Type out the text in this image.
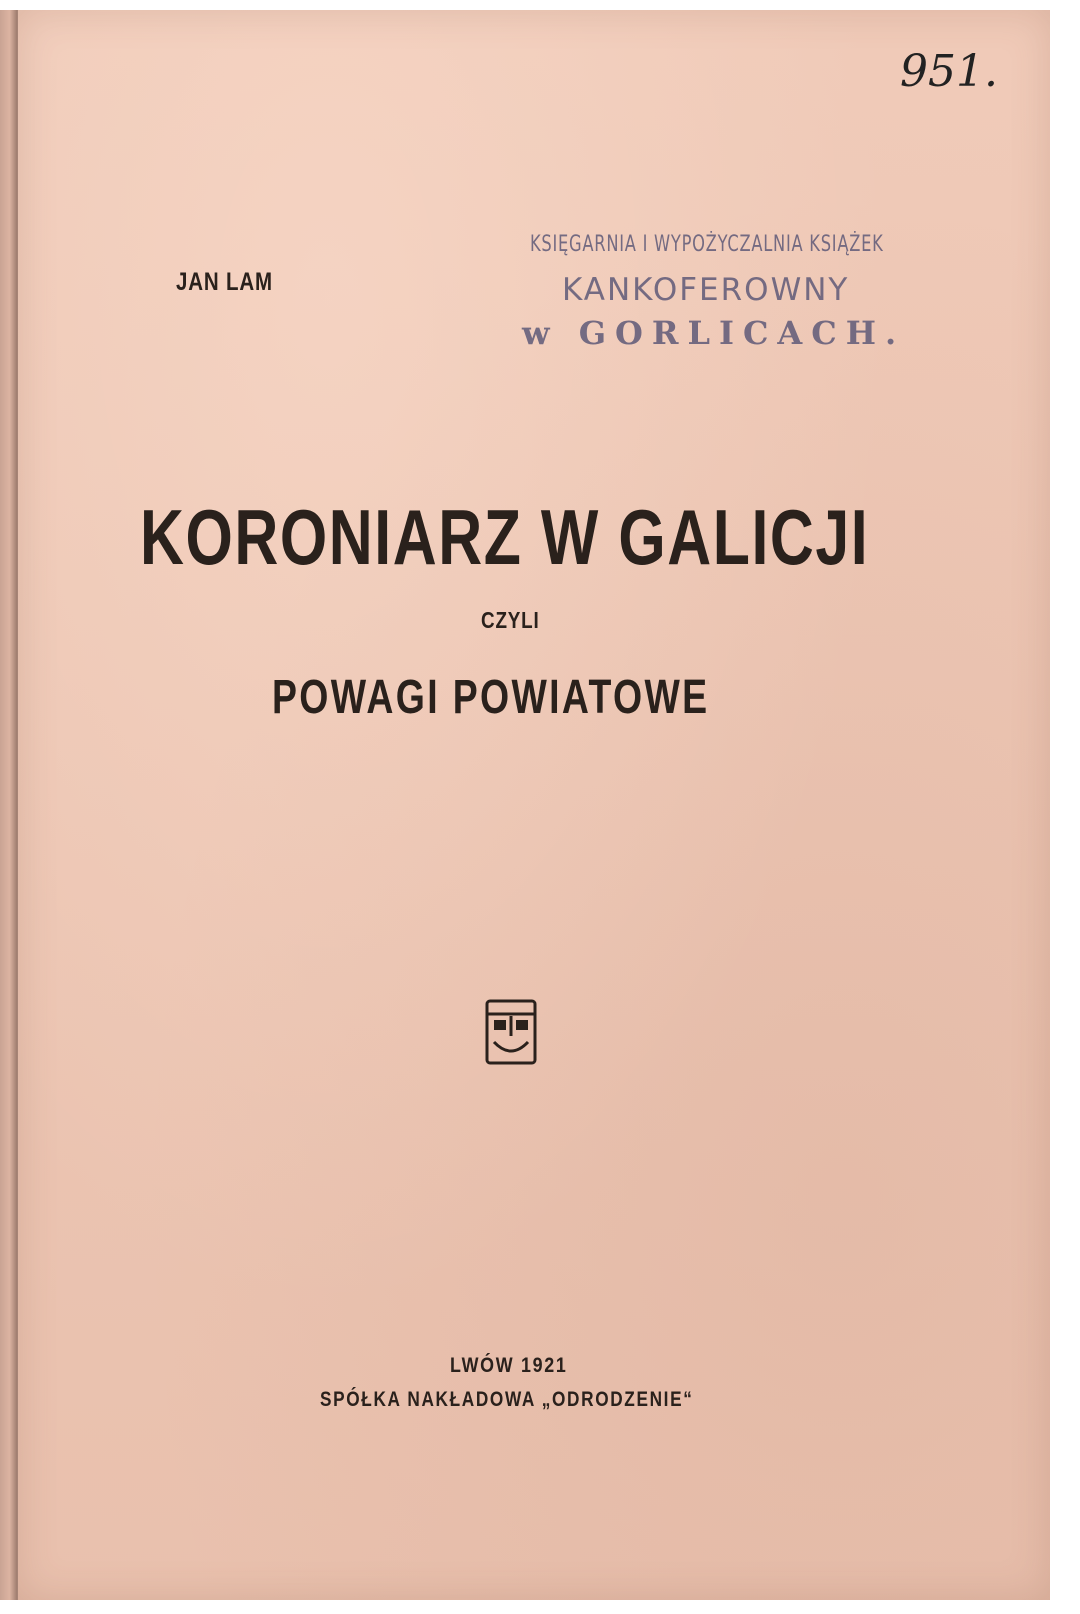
951.
JAN LAM
KSIĘGARNIA I WYPOŻYCZALNIA KSIĄŻEK
KANKOFEROWNY
w GORLICACH.
KORONIARZ W GALICJI
CZYLI
POWAGI POWIATOWE
LWÓW 1921
SPÓŁKA NAKŁADOWA „ODRODZENIE“
